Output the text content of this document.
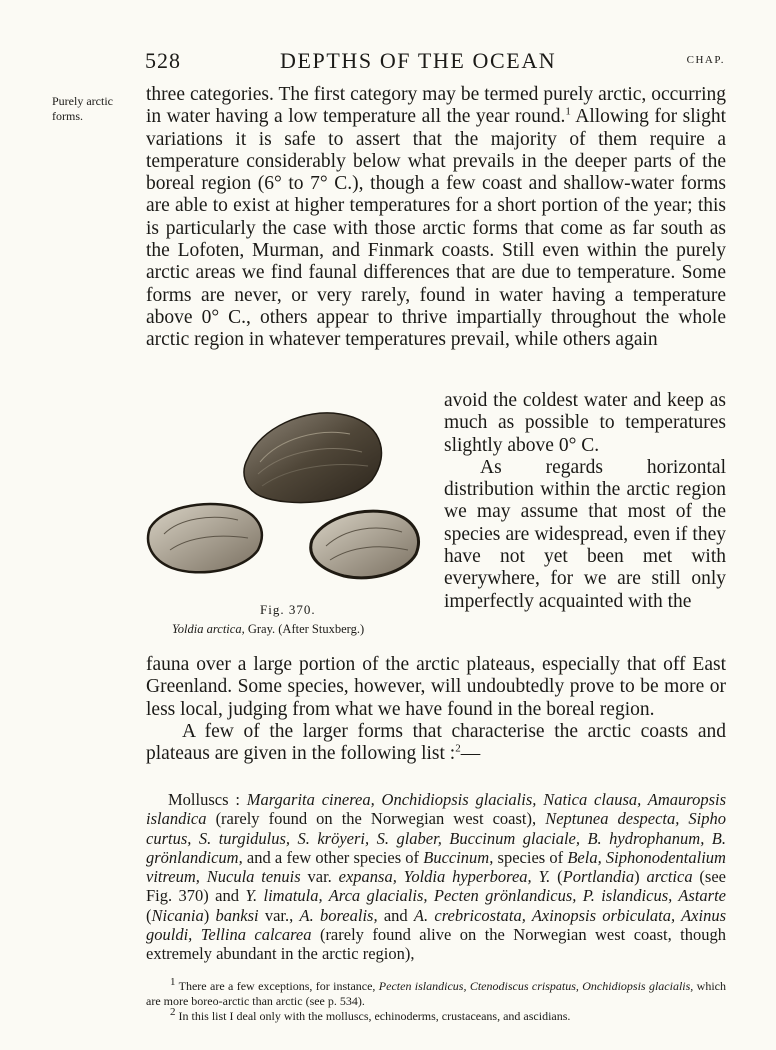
528	DEPTHS OF THE OCEAN	CHAP.
Purely arctic forms.

three categories. The first category may be termed purely arctic, occurring in water having a low temperature all the year round.$^1$ Allowing for slight variations it is safe to assert that the majority of them require a temperature considerably below what prevails in the deeper parts of the boreal region (6° to 7° C.), though a few coast and shallow-water forms are able to exist at higher temperatures for a short portion of the year; this is particularly the case with those arctic forms that come as far south as the Lofoten, Murman, and Finmark coasts. Still even within the purely arctic areas we find faunal differences that are due to temperature. Some forms are never, or very rarely, found in water having a temperature above 0° C., others appear to thrive impartially throughout the whole arctic region in whatever temperatures prevail, while others again

Fig. 370.
Yoldia arctica, Gray. (After Stuxberg.)

avoid the coldest water and keep as much as possible to temperatures slightly above 0° C.

As regards horizontal distribution within the arctic region we may assume that most of the species are widespread, even if they have not yet been met with everywhere, for we are still only imperfectly acquainted with the

fauna over a large portion of the arctic plateaus, especially that off East Greenland. Some species, however, will undoubtedly prove to be more or less local, judging from what we have found in the boreal region.

A few of the larger forms that characterise the arctic coasts and plateaus are given in the following list :$^2$—

Molluscs : Margarita cinerea, Onchidiopsis glacialis, Natica clausa, Amauropsis islandica (rarely found on the Norwegian west coast), Neptunea despecta, Sipho curtus, S. turgidulus, S. kröyeri, S. glaber, Buccinum glaciale, B. hydrophanum, B. grönlandicum, and a few other species of Buccinum, species of Bela, Siphonodentalium vitreum, Nucula tenuis var. expansa, Yoldia hyperborea, Y. (Portlandia) arctica (see Fig. 370) and Y. limatula, Arca glacialis, Pecten grönlandicus, P. islandicus, Astarte (Nicania) banksi var., A. borealis, and A. crebricostata, Axinopsis orbiculata, Axinus gouldi, Tellina calcarea (rarely found alive on the Norwegian west coast, though extremely abundant in the arctic region),

$^1$ There are a few exceptions, for instance, Pecten islandicus, Ctenodiscus crispatus, Onchidiopsis glacialis, which are more boreo-arctic than arctic (see p. 534).

$^2$ In this list I deal only with the molluscs, echinoderms, crustaceans, and ascidians.
